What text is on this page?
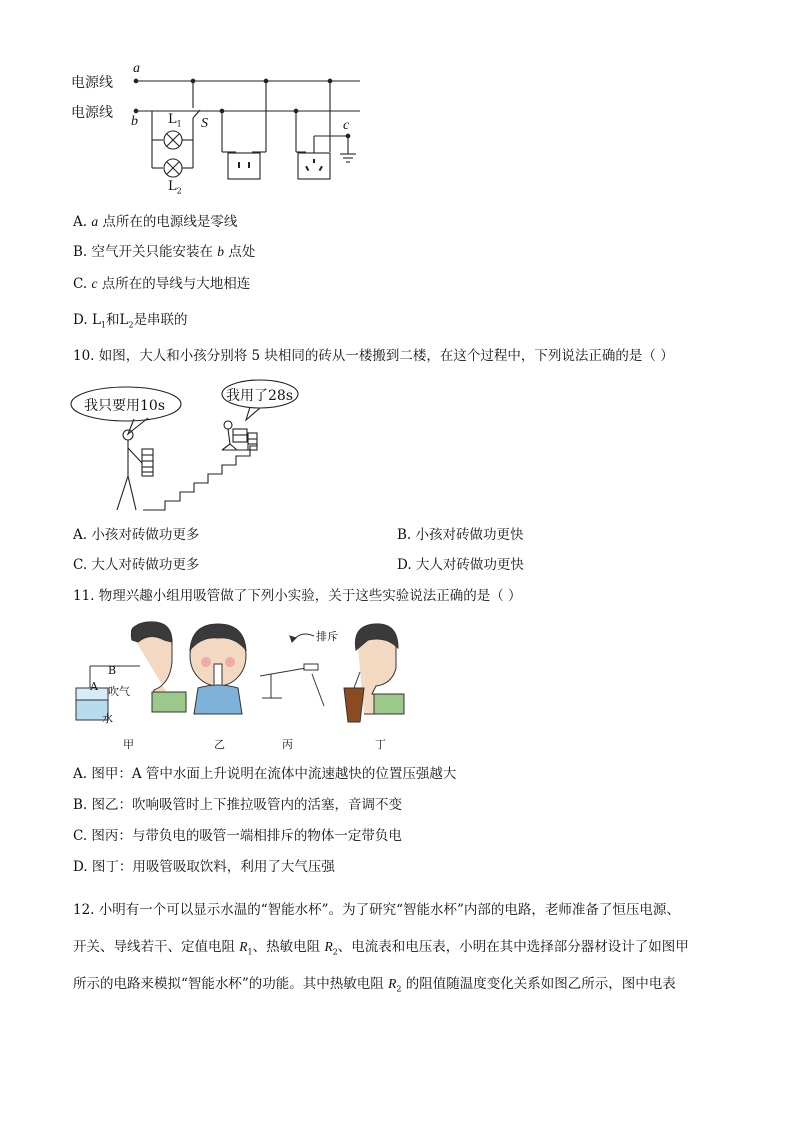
电源线
电源线
a
b	c
$L_1$ S
$L_2$
A. a 点所在的电源线是零线
B. 空气开关只能安装在 b 点处
C. c 点所在的导线与大地相连
D. $L_1$和$L_2$是串联的
10. 如图，大人和小孩分别将 5 块相同的砖从一楼搬到二楼，在这个过程中，下列说法正确的是（ ）
我只要用10s
我用了28s
A. 小孩对砖做功更多	B. 小孩对砖做功更快
C. 大人对砖做功更多	D. 大人对砖做功更快
11. 物理兴趣小组用吸管做了下列小实验，关于这些实验说法正确的是（ ）
B
A 吹气
水
排斥
甲	乙	丙	丁
A. 图甲：A 管中水面上升说明在流体中流速越快的位置压强越大
B. 图乙：吹响吸管时上下推拉吸管内的活塞，音调不变
C. 图丙：与带负电的吸管一端相排斥的物体一定带负电
D. 图丁：用吸管吸取饮料，利用了大气压强
12. 小明有一个可以显示水温的“智能水杯”。为了研究“智能水杯”内部的电路，老师准备了恒压电源、
开关、导线若干、定值电阻 $R_1$、热敏电阻 $R_2$、电流表和电压表，小明在其中选择部分器材设计了如图甲
所示的电路来模拟“智能水杯”的功能。其中热敏电阻 $R_2$ 的阻值随温度变化关系如图乙所示，图中电表
